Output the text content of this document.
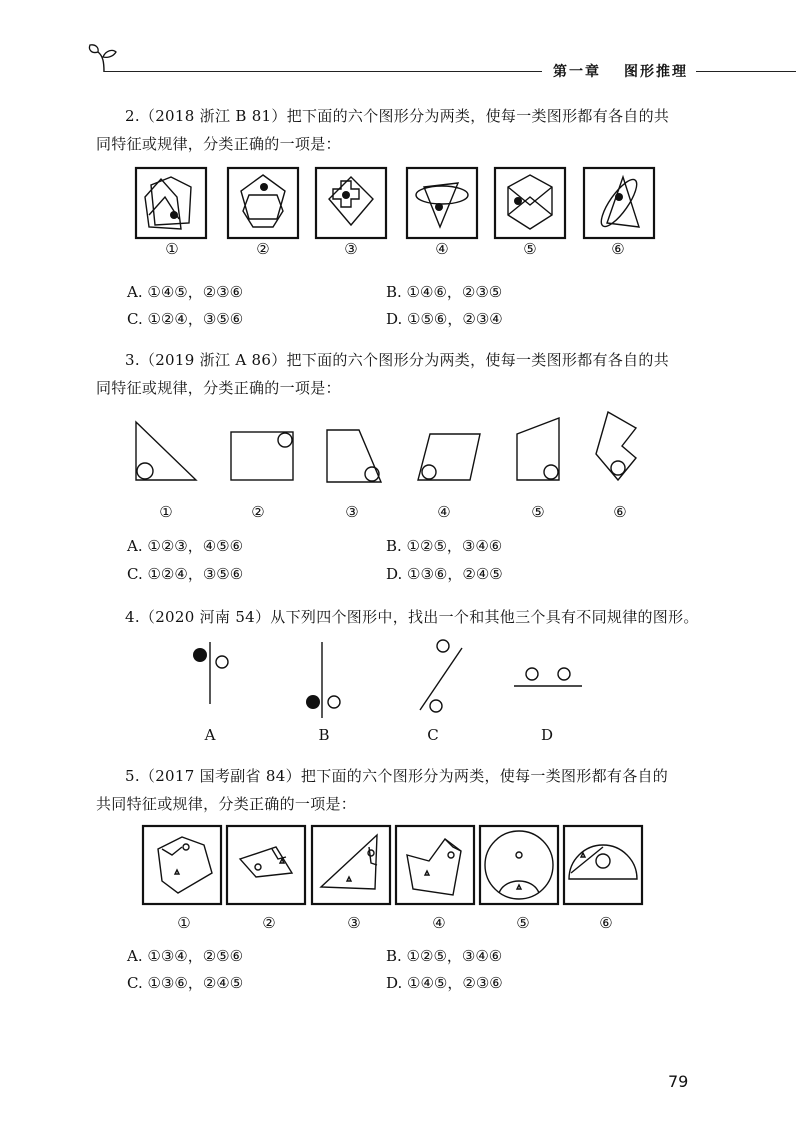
第一章 图形推理
2.（2018 浙江 B 81）把下面的六个图形分为两类，使每一类图形都有各自的共
同特征或规律，分类正确的一项是：
①	②	③	④	⑤	⑥
A. ①④⑤，②③⑥	B. ①④⑥，②③⑤
C. ①②④，③⑤⑥	D. ①⑤⑥，②③④
3.（2019 浙江 A 86）把下面的六个图形分为两类，使每一类图形都有各自的共
同特征或规律，分类正确的一项是：
①	②	③	④	⑤	⑥
A. ①②③，④⑤⑥	B. ①②⑤，③④⑥
C. ①②④，③⑤⑥	D. ①③⑥，②④⑤
4.（2020 河南 54）从下列四个图形中，找出一个和其他三个具有不同规律的图形。
A	B	C	D
5.（2017 国考副省 84）把下面的六个图形分为两类，使每一类图形都有各自的
共同特征或规律，分类正确的一项是：
①	②	③	④	⑤	⑥
A. ①③④，②⑤⑥	B. ①②⑤，③④⑥
C. ①③⑥，②④⑤	D. ①④⑤，②③⑥
79
